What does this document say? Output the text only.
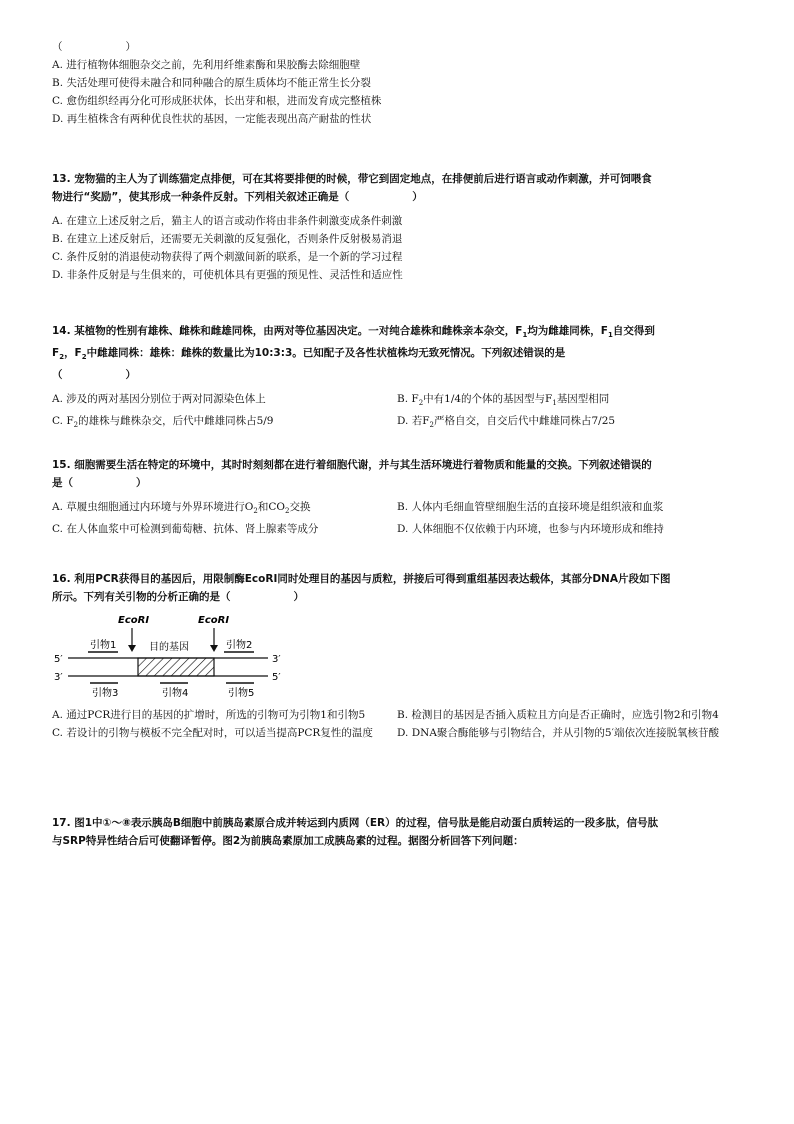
（　　　　　　）
A. 进行植物体细胞杂交之前，先利用纤维素酶和果胶酶去除细胞壁
B. 失活处理可使得未融合和同种融合的原生质体均不能正常生长分裂
C. 愈伤组织经再分化可形成胚状体，长出芽和根，进而发育成完整植株
D. 再生植株含有两种优良性状的基因，一定能表现出高产耐盐的性状
13. 宠物猫的主人为了训练猫定点排便，可在其将要排便的时候，带它到固定地点，在排便前后进行语言或动作刺激，并可饲喂食
物进行“奖励”，使其形成一种条件反射。下列相关叙述正确是（　　　　　　）
A. 在建立上述反射之后，猫主人的语言或动作将由非条件刺激变成条件刺激
B. 在建立上述反射后，还需要无关刺激的反复强化，否则条件反射极易消退
C. 条件反射的消退使动物获得了两个刺激间新的联系，是一个新的学习过程
D. 非条件反射是与生俱来的，可使机体具有更强的预见性、灵活性和适应性
14. 某植物的性别有雄株、雌株和雌雄同株，由两对等位基因决定。一对纯合雄株和雌株亲本杂交，$F_1$均为雌雄同株，$F_1$自交得到
$F_2$，$F_2$中雌雄同株：雄株：雌株的数量比为10:3:3。已知配子及各性状植株均无致死情况。下列叙述错误的是
（　　　　　　）
A. 涉及的两对基因分别位于两对同源染色体上	B. $F_2$中有1/4的个体的基因型与$F_1$基因型相同
C. $F_2$的雄株与雌株杂交，后代中雌雄同株占5/9	D. 若$F_2$严格自交，自交后代中雌雄同株占7/25
15. 细胞需要生活在特定的环境中，其时时刻刻都在进行着细胞代谢，并与其生活环境进行着物质和能量的交换。下列叙述错误的
是（　　　　　　）
A. 草履虫细胞通过内环境与外界环境进行$O_2$和$CO_2$交换	B. 人体内毛细血管壁细胞生活的直接环境是组织液和血浆
C. 在人体血浆中可检测到葡萄糖、抗体、肾上腺素等成分	D. 人体细胞不仅依赖于内环境，也参与内环境形成和维持
16. 利用PCR获得目的基因后，用限制酶EcoRⅠ同时处理目的基因与质粒，拼接后可得到重组基因表达载体，其部分DNA片段如下图
所示。下列有关引物的分析正确的是（　　　　　　）
EcoRⅠ	EcoRⅠ
引物1	目的基因	引物2
5′	3′
3′	5′
引物3	引物4	引物5
A. 通过PCR进行目的基因的扩增时，所选的引物可为引物1和引物5	B. 检测目的基因是否插入质粒且方向是否正确时，应选引物2和引物4
C. 若设计的引物与模板不完全配对时，可以适当提高PCR复性的温度	D. DNA聚合酶能够与引物结合，并从引物的5′端依次连接脱氧核苷酸
17. 图1中①～⑧表示胰岛B细胞中前胰岛素原合成并转运到内质网（ER）的过程，信号肽是能启动蛋白质转运的一段多肽，信号肽
与SRP特异性结合后可使翻译暂停。图2为前胰岛素原加工成胰岛素的过程。据图分析回答下列问题：
